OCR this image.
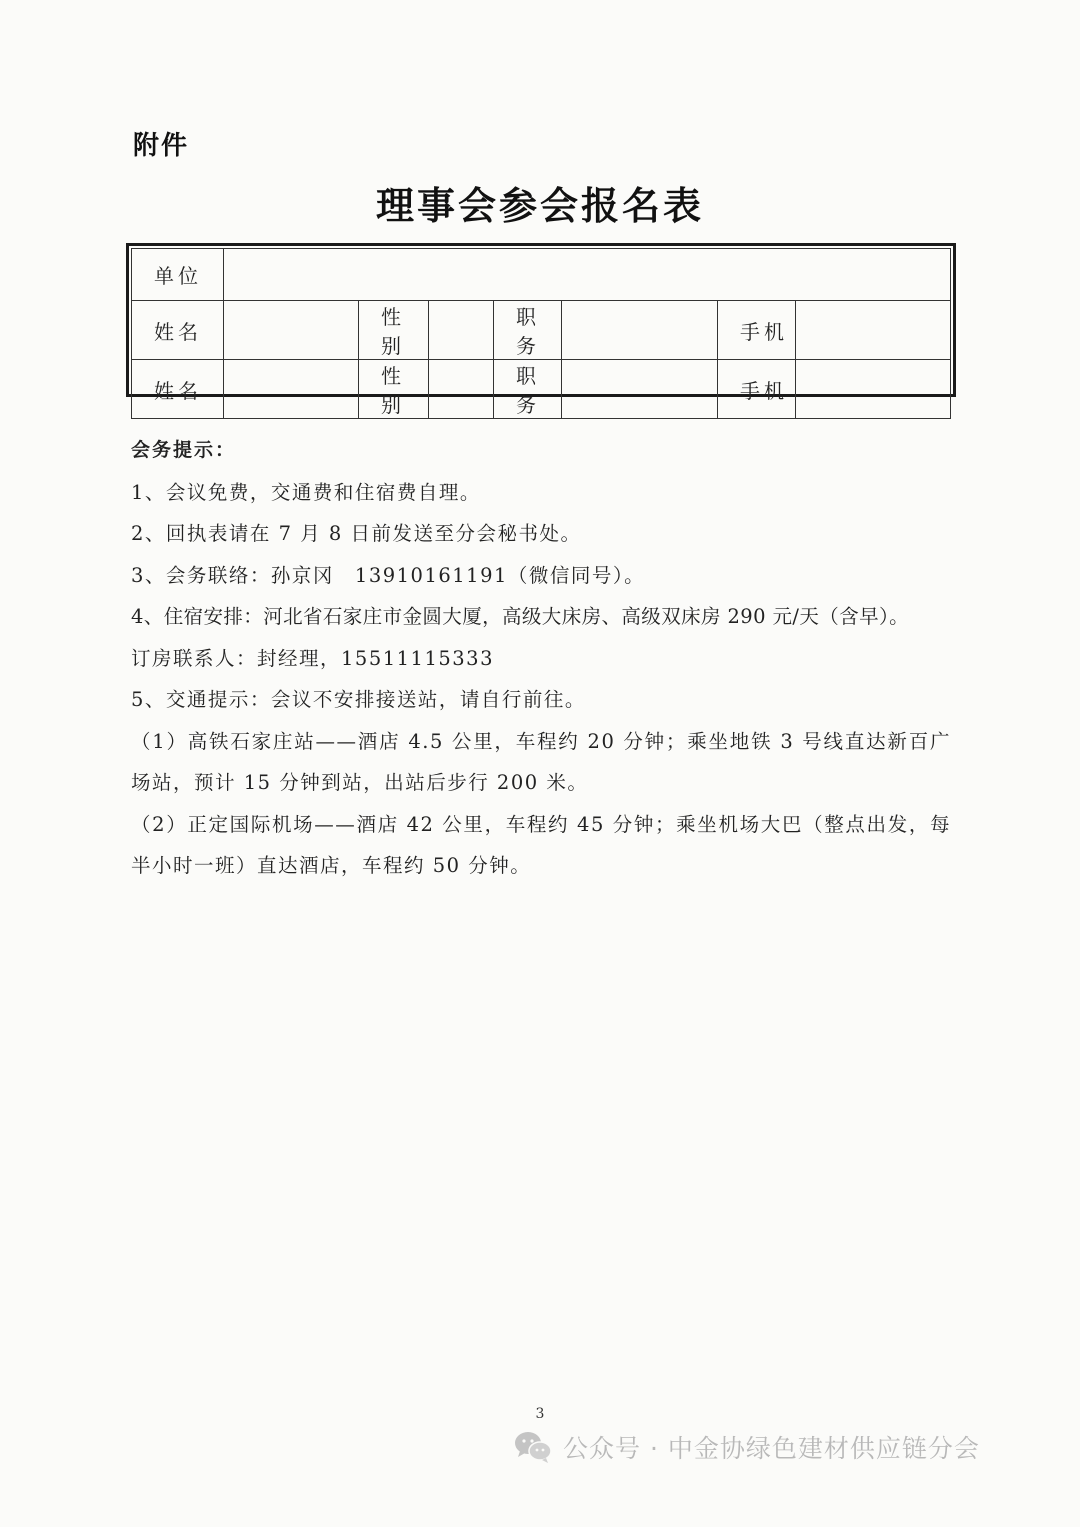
附件
理事会参会报名表
单位							
姓名		性别		职务		手机	
姓名		性别		职务		手机	

会务提示：

1、会议免费，交通费和住宿费自理。

2、回执表请在 7 月 8 日前发送至分会秘书处。

3、会务联络：孙京冈　13910161191（微信同号）。

4、住宿安排：河北省石家庄市金圆大厦，高级大床房、高级双床房 290 元/天（含早）。

订房联系人：封经理，15511115333

5、交通提示：会议不安排接送站，请自行前往。

（1）高铁石家庄站——酒店 4.5 公里，车程约 20 分钟；乘坐地铁 3 号线直达新百广场站，预计 15 分钟到站，出站后步行 200 米。

（2）正定国际机场——酒店 42 公里，车程约 45 分钟；乘坐机场大巴（整点出发，每半小时一班）直达酒店，车程约 50 分钟。

3
公众号 · 中金协绿色建材供应链分会
